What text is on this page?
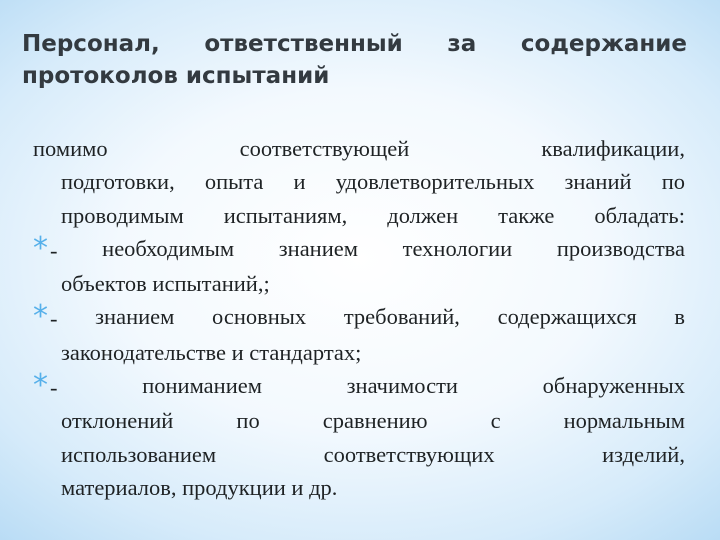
Персонал, ответственный за содержание
протоколов испытаний
помимо	соответствующей	квалификации,
подготовки, опыта и удовлетворительных знаний по
проводимым испытаниям, должен также обладать:
*- необходимым знанием технологии производства
объектов испытаний,;
*- знанием основных требований, содержащихся в
законодательстве и стандартах;
*-	пониманием	значимости	обнаруженных
отклонений	по	сравнению	с	нормальным
использованием	соответствующих	изделий,
материалов, продукции и др.
